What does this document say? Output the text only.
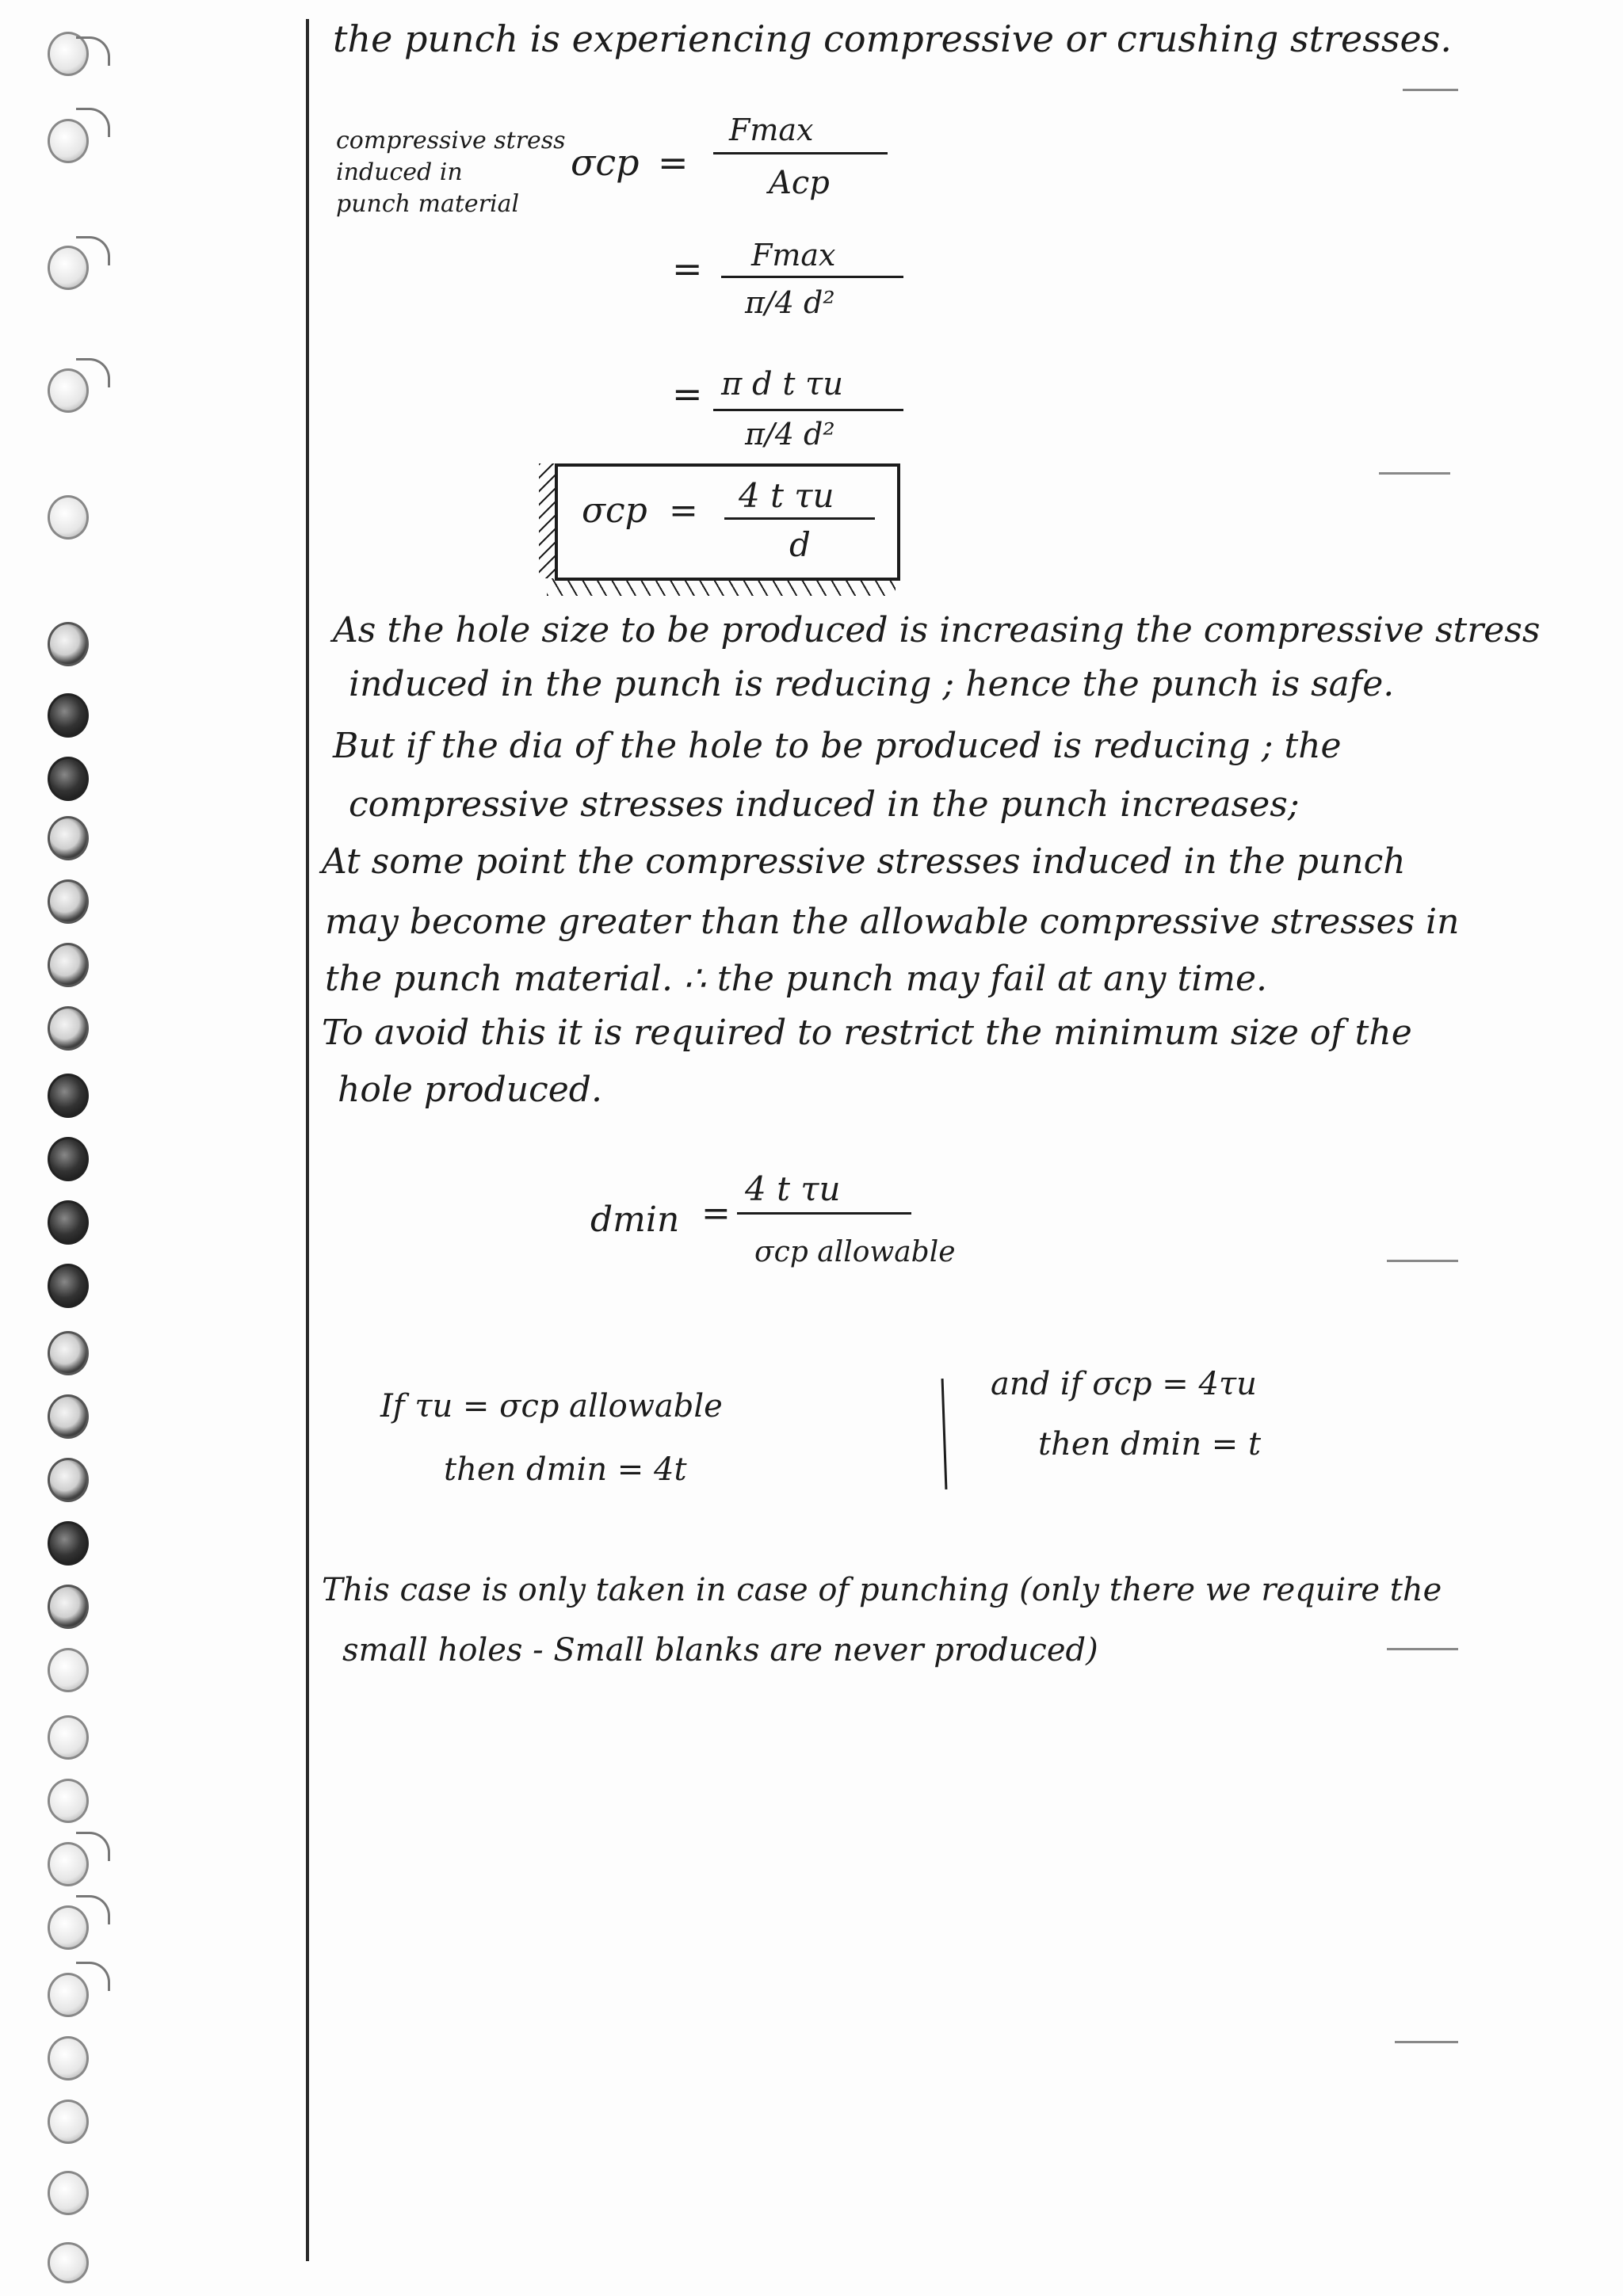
the punch is experiencing compressive or crushing stresses.
compressive stress
induced in
punch material
σcp =
Fmax
Acp
= Fmax
π/4 d²
= π d t τu
π/4 d²
σcp = 4 t τu
d
As the hole size to be produced is increasing the compressive stress
induced in the punch is reducing ; hence the punch is safe.
But if the dia of the hole to be produced is reducing ; the
compressive stresses induced in the punch increases;
At some point the compressive stresses induced in the punch
may become greater than the allowable compressive stresses in
the punch material. ∴ the punch may fail at any time.
To avoid this it is required to restrict the minimum size of the
hole produced.
dmin =
4 t τu
σcp allowable
If τu = σcp allowable
then dmin = 4t
and if σcp = 4τu
then dmin = t
This case is only taken in case of punching (only there we require the
small holes - Small blanks are never produced)
